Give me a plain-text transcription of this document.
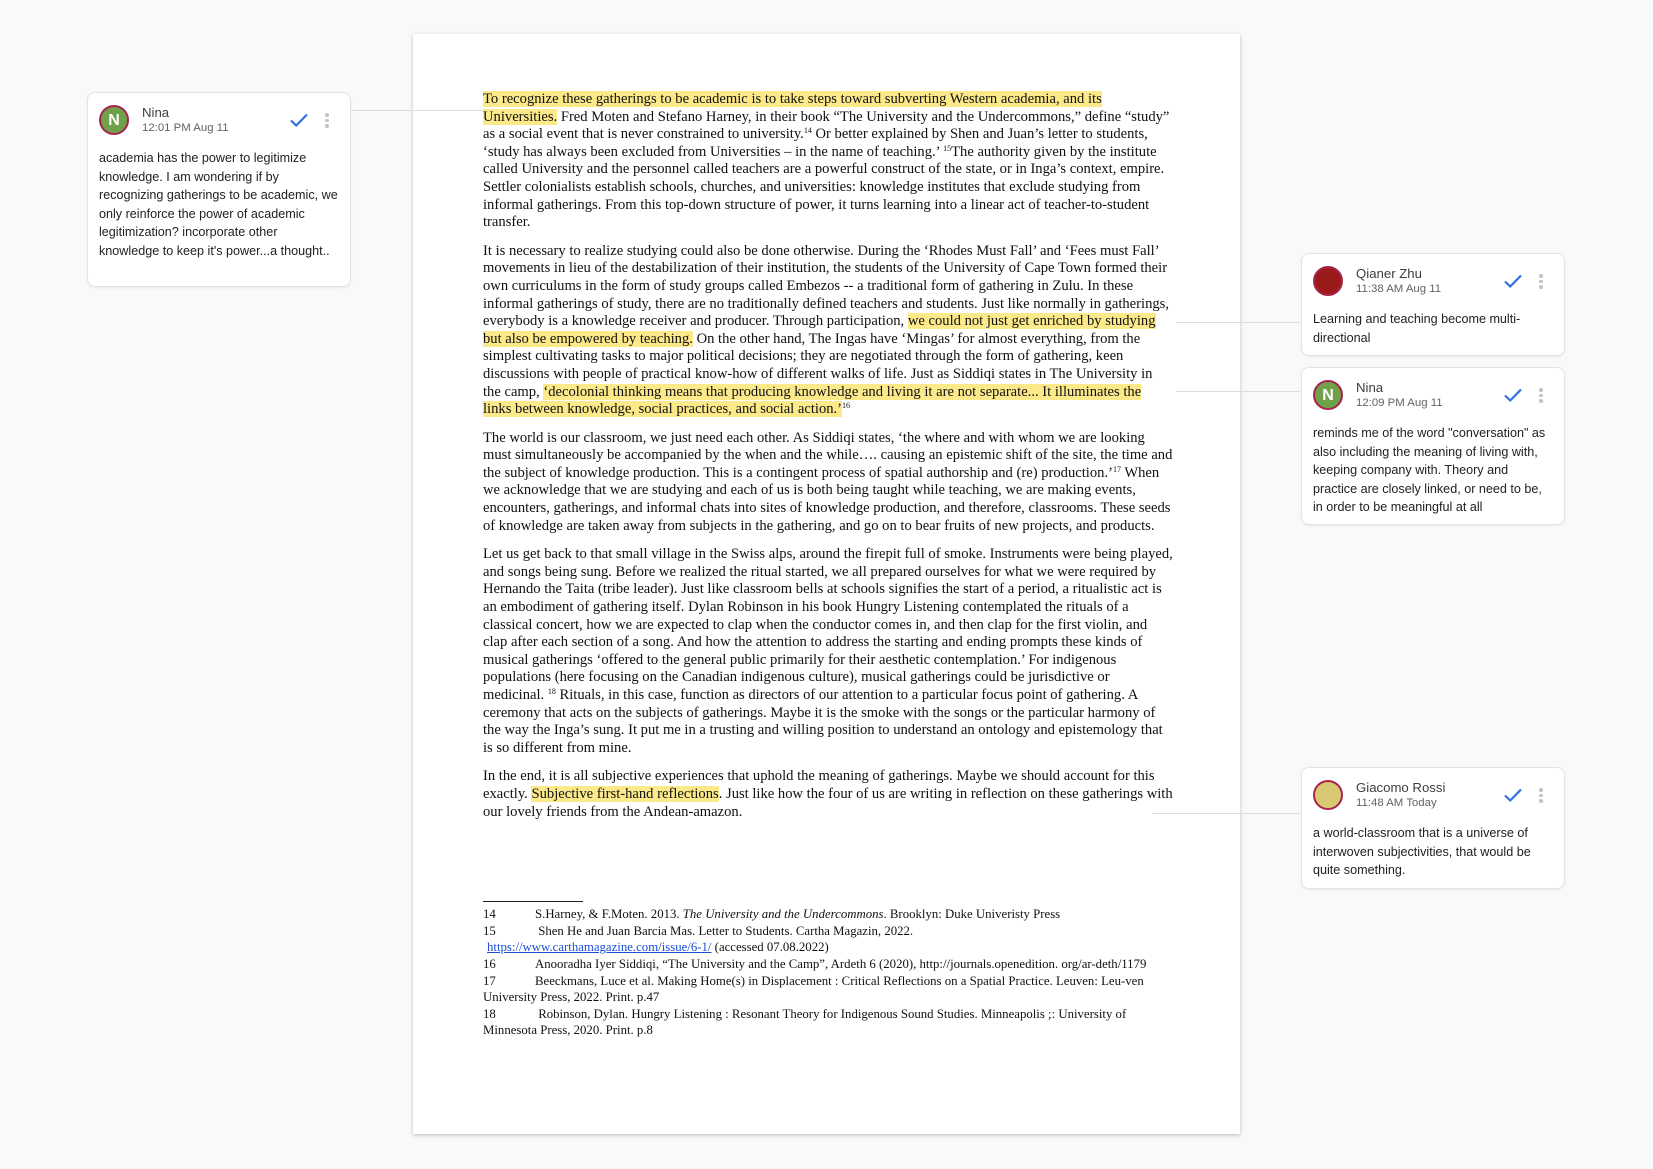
To recognize these gatherings to be academic is to take steps toward subverting Western academia, and its Universities. Fred Moten and Stefano Harney, in their book “The University and the Undercommons,” define “study” as a social event that is never constrained to university.$^{14}$ Or better explained by Shen and Juan’s letter to students, ‘study has always been excluded from Universities – in the name of teaching.’ $^{15}$The authority given by the institute called University and the personnel called teachers are a powerful construct of the state, or in Inga’s context, empire. Settler colonialists establish schools, churches, and universities: knowledge institutes that exclude studying from informal gatherings. From this top-down structure of power, it turns learning into a linear act of teacher-to-student transfer.

It is necessary to realize studying could also be done otherwise. During the ‘Rhodes Must Fall’ and ‘Fees must Fall’ movements in lieu of the destabilization of their institution, the students of the University of Cape Town formed their own curriculums in the form of study groups called Embezos -- a traditional form of gathering in Zulu. In these informal gatherings of study, there are no traditionally defined teachers and students. Just like normally in gatherings, everybody is a knowledge receiver and producer. Through participation, we could not just get enriched by studying but also be empowered by teaching. On the other hand, The Ingas have ‘Mingas’ for almost everything, from the simplest cultivating tasks to major political decisions; they are negotiated through the form of gathering, keen discussions with people of practical know-how of different walks of life. Just as Siddiqi states in The University in the camp, ‘decolonial thinking means that producing knowledge and living it are not separate... It illuminates the links between knowledge, social practices, and social action.’$^{16}$

The world is our classroom, we just need each other. As Siddiqi states, ‘the where and with whom we are looking must simultaneously be accompanied by the when and the while…. causing an epistemic shift of the site, the time and the subject of knowledge production. This is a contingent process of spatial authorship and (re) production.’$^{17}$ When we acknowledge that we are studying and each of us is both being taught while teaching, we are making events, encounters, gatherings, and informal chats into sites of knowledge production, and therefore, classrooms. These seeds of knowledge are taken away from subjects in the gathering, and go on to bear fruits of new projects, and products.

Let us get back to that small village in the Swiss alps, around the firepit full of smoke. Instruments were being played, and songs being sung. Before we realized the ritual started, we all prepared ourselves for what we were required by Hernando the Taita (tribe leader). Just like classroom bells at schools signifies the start of a period, a ritualistic act is an embodiment of gathering itself. Dylan Robinson in his book Hungry Listening contemplated the rituals of a classical concert, how we are expected to clap when the conductor comes in, and then clap for the first violin, and clap after each section of a song. And how the attention to address the starting and ending prompts these kinds of musical gatherings ‘offered to the general public primarily for their aesthetic contemplation.’ For indigenous populations (here focusing on the Canadian indigenous culture), musical gatherings could be jurisdictive or medicinal. $^{18}$ Rituals, in this case, function as directors of our attention to a particular focus point of gathering. A ceremony that acts on the subjects of gatherings. Maybe it is the smoke with the songs or the particular harmony of the way the Inga’s sung. It put me in a trusting and willing position to understand an ontology and epistemology that is so different from mine.

In the end, it is all subjective experiences that uphold the meaning of gatherings. Maybe we should account for this exactly. Subjective first-hand reflections. Just like how the four of us are writing in reflection on these gatherings with our lovely friends from the Andean-amazon.

14	S.Harney, & F.Moten. 2013. The University and the Undercommons. Brooklyn: Duke Univeristy Press
15	Shen He and Juan Barcia Mas. Letter to Students. Cartha Magazin, 2022.
https://www.carthamagazine.com/issue/6-1/ (accessed 07.08.2022)
16	Anooradha Iyer Siddiqi, “The University and the Camp”, Ardeth 6 (2020), http://journals.openedition. org/ar-deth/1179
17	Beeckmans, Luce et al. Making Home(s) in Displacement : Critical Reflections on a Spatial Practice. Leuven: Leu-ven University Press, 2022. Print. p.47
18	Robinson, Dylan. Hungry Listening : Resonant Theory for Indigenous Sound Studies. Minneapolis ;: University of Minnesota Press, 2020. Print. p.8
N	Nina
12:01 PM Aug 11
academia has the power to legitimize knowledge. I am wondering if by recognizing gatherings to be academic, we only reinforce the power of academic legitimization? incorporate other knowledge to keep it's power...a thought..
Qianer Zhu
11:38 AM Aug 11
Learning and teaching become multi-directional
N	Nina
12:09 PM Aug 11
reminds me of the word "conversation" as also including the meaning of living with, keeping company with. Theory and practice are closely linked, or need to be, in order to be meaningful at all
Giacomo Rossi
11:48 AM Today
a world-classroom that is a universe of interwoven subjectivities, that would be quite something.
